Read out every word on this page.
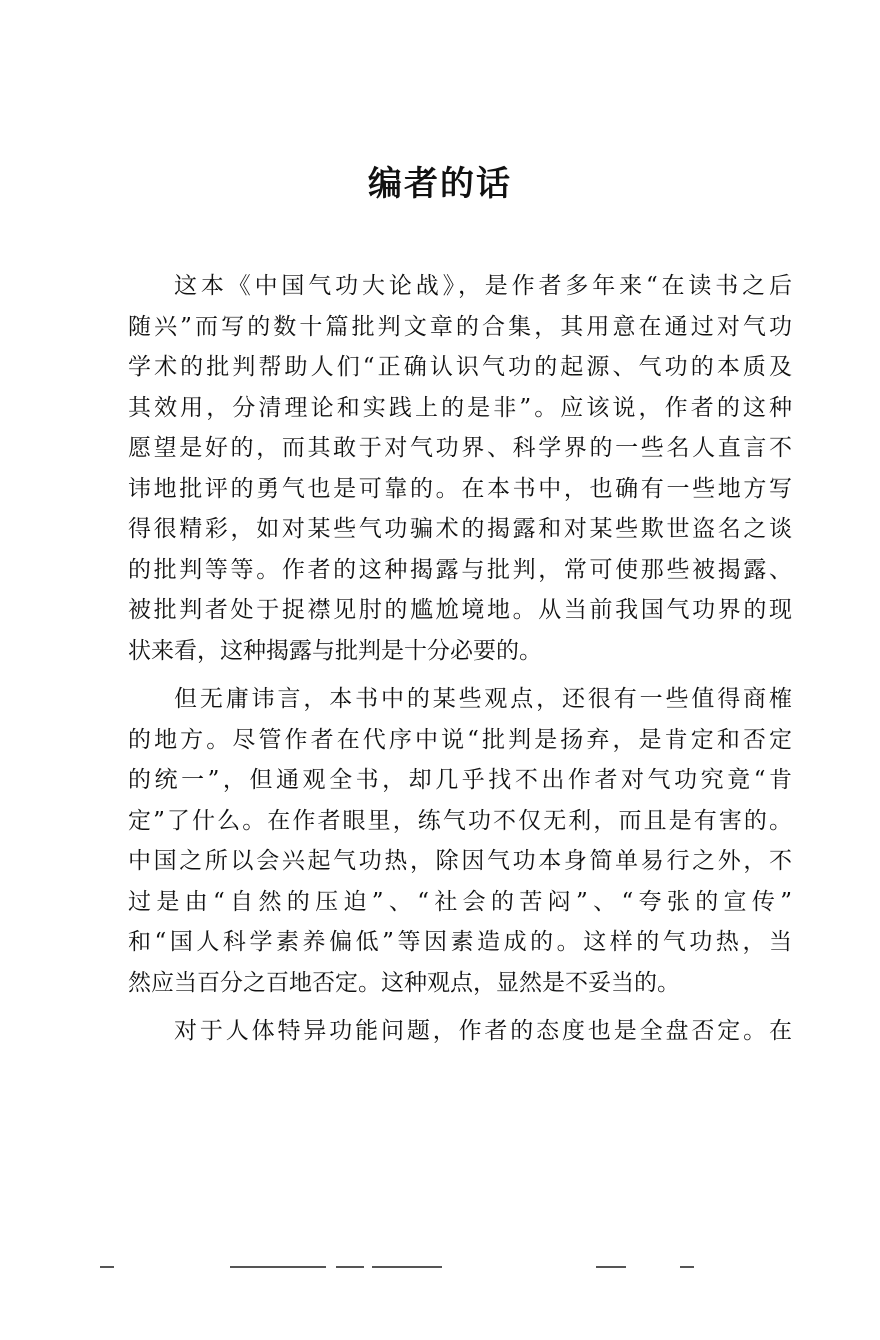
编者的话
这本《中国气功大论战》，是作者多年来“在读书之后
随兴”而写的数十篇批判文章的合集，其用意在通过对气功
学术的批判帮助人们“正确认识气功的起源、气功的本质及
其效用，分清理论和实践上的是非”。应该说，作者的这种
愿望是好的，而其敢于对气功界、科学界的一些名人直言不
讳地批评的勇气也是可靠的。在本书中，也确有一些地方写
得很精彩，如对某些气功骗术的揭露和对某些欺世盗名之谈
的批判等等。作者的这种揭露与批判，常可使那些被揭露、
被批判者处于捉襟见肘的尴尬境地。从当前我国气功界的现
状来看，这种揭露与批判是十分必要的。
但无庸讳言，本书中的某些观点，还很有一些值得商榷
的地方。尽管作者在代序中说“批判是扬弃，是肯定和否定
的统一”，但通观全书，却几乎找不出作者对气功究竟“肯
定”了什么。在作者眼里，练气功不仅无利，而且是有害的。
中国之所以会兴起气功热，除因气功本身简单易行之外，不
过是由“自然的压迫”、“社会的苦闷”、“夸张的宣传”
和“国人科学素养偏低”等因素造成的。这样的气功热，当
然应当百分之百地否定。这种观点，显然是不妥当的。
对于人体特异功能问题，作者的态度也是全盘否定。在
